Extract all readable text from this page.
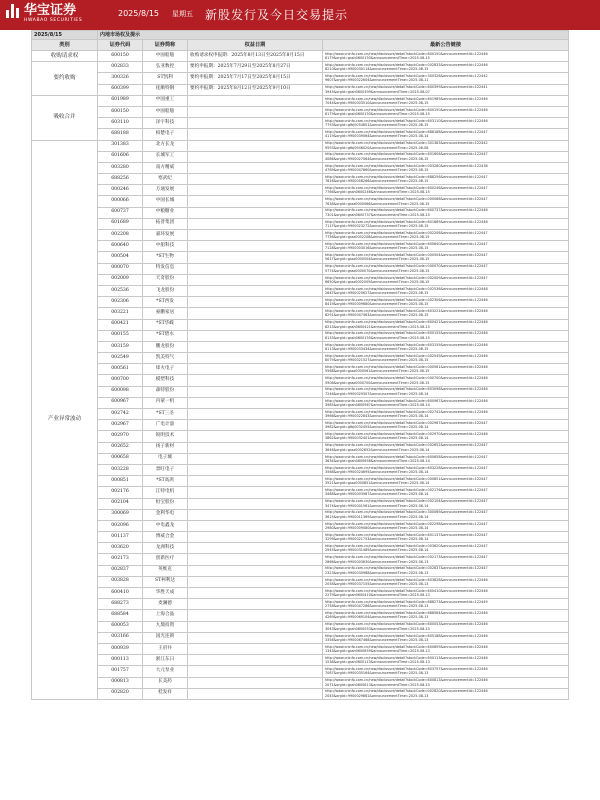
华宝证券
HWABAO SECURITIES
2025/8/15 星期五 新股发行及今日交易提示
2025/8/15	内地市场权及提示			
类别	证券代码	证券简称	权益日期	最新公告链接
收购请求权	600150	中国船舶	收购请求权申报期：2025年8月13日至2025年8月15日	http://www.cninfo.com.cn/new/disclosure/detail?stockCode=600150&announcementId=122446
8179&orgId=gssh0600150&announcementTime=2025-08-15
要约收购	002833	弘亚数控	要约申报期：2025年7月29日至2025年8月27日	http://www.cninfo.com.cn/new/disclosure/detail?stockCode=002833&announcementId=122446
8210&orgId=9900030114&announcementTime=2025-08-15
	300326	ST凯利	要约申报期：2025年7月17日至2025年8月15日	http://www.cninfo.com.cn/new/disclosure/detail?stockCode=300326&announcementId=122442
9607&orgId=9900022604&announcementTime=2025-08-11
	600399	抚顺特钢	要约申报期：2025年8月12日至2025年9月10日	http://www.cninfo.com.cn/new/disclosure/detail?stockCode=600399&announcementId=122441
3945&orgId=gssh0600399&announcementTime=2025-08-07
吸收合并	601989	中国重工		http://www.cninfo.com.cn/new/disclosure/detail?stockCode=601989&announcementId=122446
7044&orgId=9900003510&announcementTime=2025-08-15
	600150	中国船舶		http://www.cninfo.com.cn/new/disclosure/detail?stockCode=600150&announcementId=122446
8179&orgId=gssh0600150&announcementTime=2025-08-15
	603110	泽宇科技		http://www.cninfo.com.cn/new/disclosure/detail?stockCode=603110&announcementId=122446
7793&orgId=gfbj0054851&announcementTime=2025-08-15
	688188	柏楚电子		http://www.cninfo.com.cn/new/disclosure/detail?stockCode=688188&announcementId=122447
4119&orgId=9900039064&announcementTime=2025-08-14
产业异常波动	301383	北方长龙		http://www.cninfo.com.cn/new/disclosure/detail?stockCode=301383&announcementId=122442
9593&orgId=gfbj0946020&announcementTime=2025-08-08
	601606	长城军工		http://www.cninfo.com.cn/new/disclosure/detail?stockCode=601606&announcementId=122447
4086&orgId=9900027064&announcementTime=2025-08-15
	003280	南方精威		http://www.cninfo.com.cn/new/disclosure/detail?stockCode=003280&announcementId=122438
4769&orgId=9900047660&announcementTime=2025-08-15
	688256	寒武纪		http://www.cninfo.com.cn/new/disclosure/detail?stockCode=688256&announcementId=122447
7816&orgId=9900058266&announcementTime=2025-08-15
	000246	万通发展		http://www.cninfo.com.cn/new/disclosure/detail?stockCode=600246&announcementId=122447
7766&orgId=gssh0600246&announcementTime=2025-08-15
	000066	中国长城		http://www.cninfo.com.cn/new/disclosure/detail?stockCode=000066&announcementId=122447
7638&orgId=gssz0000066&announcementTime=2025-08-15
	600737	中粮糖业		http://www.cninfo.com.cn/new/disclosure/detail?stockCode=600737&announcementId=122446
7301&orgId=gssh0600737&announcementTime=2025-08-15
	601689	拓普集团		http://www.cninfo.com.cn/new/disclosure/detail?stockCode=601689&announcementId=122448
7117&orgId=9900023272&announcementTime=2025-08-15
	002208	嘉环发展		http://www.cninfo.com.cn/new/disclosure/detail?stockCode=002208&announcementId=122447
7756&orgId=gssz0002208&announcementTime=2025-08-15
	600640	中船科技		http://www.cninfo.com.cn/new/disclosure/detail?stockCode=600640&announcementId=122447
7128&orgId=9900003016&announcementTime=2025-08-15
	000504	*ST生物		http://www.cninfo.com.cn/new/disclosure/detail?stockCode=000504&announcementId=122447
5617&orgId=gssz0000504&announcementTime=2025-08-15
	000070	特发信息		http://www.cninfo.com.cn/new/disclosure/detail?stockCode=000070&announcementId=122447
5774&orgId=gssz0000070&announcementTime=2025-08-15
	002009	天奇股份		http://www.cninfo.com.cn/new/disclosure/detail?stockCode=002009&announcementId=122447
6650&orgId=gssz0002009&announcementTime=2025-08-15
	002536	飞龙股份		http://www.cninfo.com.cn/new/disclosure/detail?stockCode=002536&announcementId=122448
2647&orgId=9900020627&announcementTime=2025-08-15
	002306	*ST西发		http://www.cninfo.com.cn/new/disclosure/detail?stockCode=002306&announcementId=122446
8419&orgId=9900009680&announcementTime=2025-08-15
	003221	豪鹏家居		http://www.cninfo.com.cn/new/disclosure/detail?stockCode=603221&announcementId=122446
8291&orgId=9900047463&announcementTime=2025-08-15
	600421	*ST华嵘		http://www.cninfo.com.cn/new/disclosure/detail?stockCode=600421&announcementId=122446
8213&orgId=gssh0600421&announcementTime=2025-08-15
	000155	*ST碧水		http://www.cninfo.com.cn/new/disclosure/detail?stockCode=600155&announcementId=122446
8133&orgId=gssh0600155&announcementTime=2025-08-15
	003159	鹏龙股份		http://www.cninfo.com.cn/new/disclosure/detail?stockCode=603159&announcementId=122446
8113&orgId=9900033434&announcementTime=2025-08-15
	002549	凯美特气		http://www.cninfo.com.cn/new/disclosure/detail?stockCode=002549&announcementId=122446
8079&orgId=9900021527&announcementTime=2025-08-15
	000561	烽火电子		http://www.cninfo.com.cn/new/disclosure/detail?stockCode=000561&announcementId=122446
5568&orgId=gssz0000561&announcementTime=2025-08-15
	000700	模塑科技		http://www.cninfo.com.cn/new/disclosure/detail?stockCode=000700&announcementId=122446
5908&orgId=gssz0000700&announcementTime=2025-08-15
	600098	森特股份		http://www.cninfo.com.cn/new/disclosure/detail?stockCode=603098&announcementId=122446
7246&orgId=9900029307&announcementTime=2025-08-14
	600967	内蒙一机		http://www.cninfo.com.cn/new/disclosure/detail?stockCode=600967&announcementId=122446
3985&orgId=gssh0600967&announcementTime=2025-08-14
	002742	*ST三圣		http://www.cninfo.com.cn/new/disclosure/detail?stockCode=002742&announcementId=122446
3966&orgId=9900022843&announcementTime=2025-08-14
	002967	广电计量		http://www.cninfo.com.cn/new/disclosure/detail?stockCode=002967&announcementId=122447
3982&orgId=gfbj0032455&announcementTime=2025-08-14
	002970	锐明技术		http://www.cninfo.com.cn/new/disclosure/detail?stockCode=002970&announcementId=122446
3862&orgId=9900032401&announcementTime=2025-08-14
	002652	扬子新材		http://www.cninfo.com.cn/new/disclosure/detail?stockCode=002652&announcementId=122447
3646&orgId=gssz0002652&announcementTime=2025-08-14
	000658	电子城		http://www.cninfo.com.cn/new/disclosure/detail?stockCode=600658&announcementId=122447
3634&orgId=gssh0600658&announcementTime=2025-08-14
	003228	景旺电子		http://www.cninfo.com.cn/new/disclosure/detail?stockCode=603228&announcementId=122447
3568&orgId=9900024695&announcementTime=2025-08-14
	000851	*ST高鸿		http://www.cninfo.com.cn/new/disclosure/detail?stockCode=000851&announcementId=122447
3521&orgId=gssz0000851&announcementTime=2025-08-14
	002176	江特电机		http://www.cninfo.com.cn/new/disclosure/detail?stockCode=002176&announcementId=122447
3488&orgId=9900003987&announcementTime=2025-08-14
	002104	恒宝股份		http://www.cninfo.com.cn/new/disclosure/detail?stockCode=002104&announcementId=122447
3474&orgId=9900001561&announcementTime=2025-08-14
	300069	金利华电		http://www.cninfo.com.cn/new/disclosure/detail?stockCode=300069&announcementId=122447
3615&orgId=9900011369&announcementTime=2025-08-14
	002096	中电鑫龙		http://www.cninfo.com.cn/new/disclosure/detail?stockCode=002298&announcementId=122447
2980&orgId=9900009080&announcementTime=2025-08-14
	001137	博威合金		http://www.cninfo.com.cn/new/disclosure/detail?stockCode=601137&announcementId=122447
3299&orgId=9900021753&announcementTime=2025-08-14
	003620	龙洲科技		http://www.cninfo.com.cn/new/disclosure/detail?stockCode=003620&announcementId=122447
2945&orgId=9900031489&announcementTime=2025-08-14
	002173	创新医疗		http://www.cninfo.com.cn/new/disclosure/detail?stockCode=002173&announcementId=122447
2866&orgId=9900003630&announcementTime=2025-08-13
	002837	英维克		http://www.cninfo.com.cn/new/disclosure/detail?stockCode=002837&announcementId=122447
2323&orgId=9900030988&announcementTime=2025-08-13
	003828	ST柯利达		http://www.cninfo.com.cn/new/disclosure/detail?stockCode=603828&announcementId=122446
2058&orgId=9900037155&announcementTime=2025-08-13
	600410	华胜天成		http://www.cninfo.com.cn/new/disclosure/detail?stockCode=600410&announcementId=122446
2279&orgId=gssh0600410&announcementTime=2025-08-13
	688273	麦澜德		http://www.cninfo.com.cn/new/disclosure/detail?stockCode=688273&announcementId=122449
2758&orgId=9900047286&announcementTime=2025-08-13
	688584	上海合晶		http://www.cninfo.com.cn/new/disclosure/detail?stockCode=688584&announcementId=122446
4269&orgId=9900069104&announcementTime=2025-08-13
	600053	九鼎投资		http://www.cninfo.com.cn/new/disclosure/detail?stockCode=600053&announcementId=122446
3043&orgId=gssh0600053&announcementTime=2025-08-13
	003166	国光连锁		http://www.cninfo.com.cn/new/disclosure/detail?stockCode=605188&announcementId=122446
3356&orgId=9900067468&announcementTime=2025-08-13
	000939	王府井		http://www.cninfo.com.cn/new/disclosure/detail?stockCode=600859&announcementId=122446
1343&orgId=gssh0600859&announcementTime=2025-08-13
	000113	浙江东日		http://www.cninfo.com.cn/new/disclosure/detail?stockCode=600113&announcementId=122446
1538&orgId=gssh0600113&announcementTime=2025-08-13
	001757	大元泵业		http://www.cninfo.com.cn/new/disclosure/detail?stockCode=603757&announcementId=122446
7087&orgId=9900035164&announcementTime=2025-08-13
	000813	长美药		http://www.cninfo.com.cn/new/disclosure/detail?stockCode=600813&announcementId=122446
2071&orgId=gssh0600813&announcementTime=2025-08-13
	002820	桂发祥		http://www.cninfo.com.cn/new/disclosure/detail?stockCode=002820&announcementId=122446
2045&orgId=9900029861&announcementTime=2025-08-13
